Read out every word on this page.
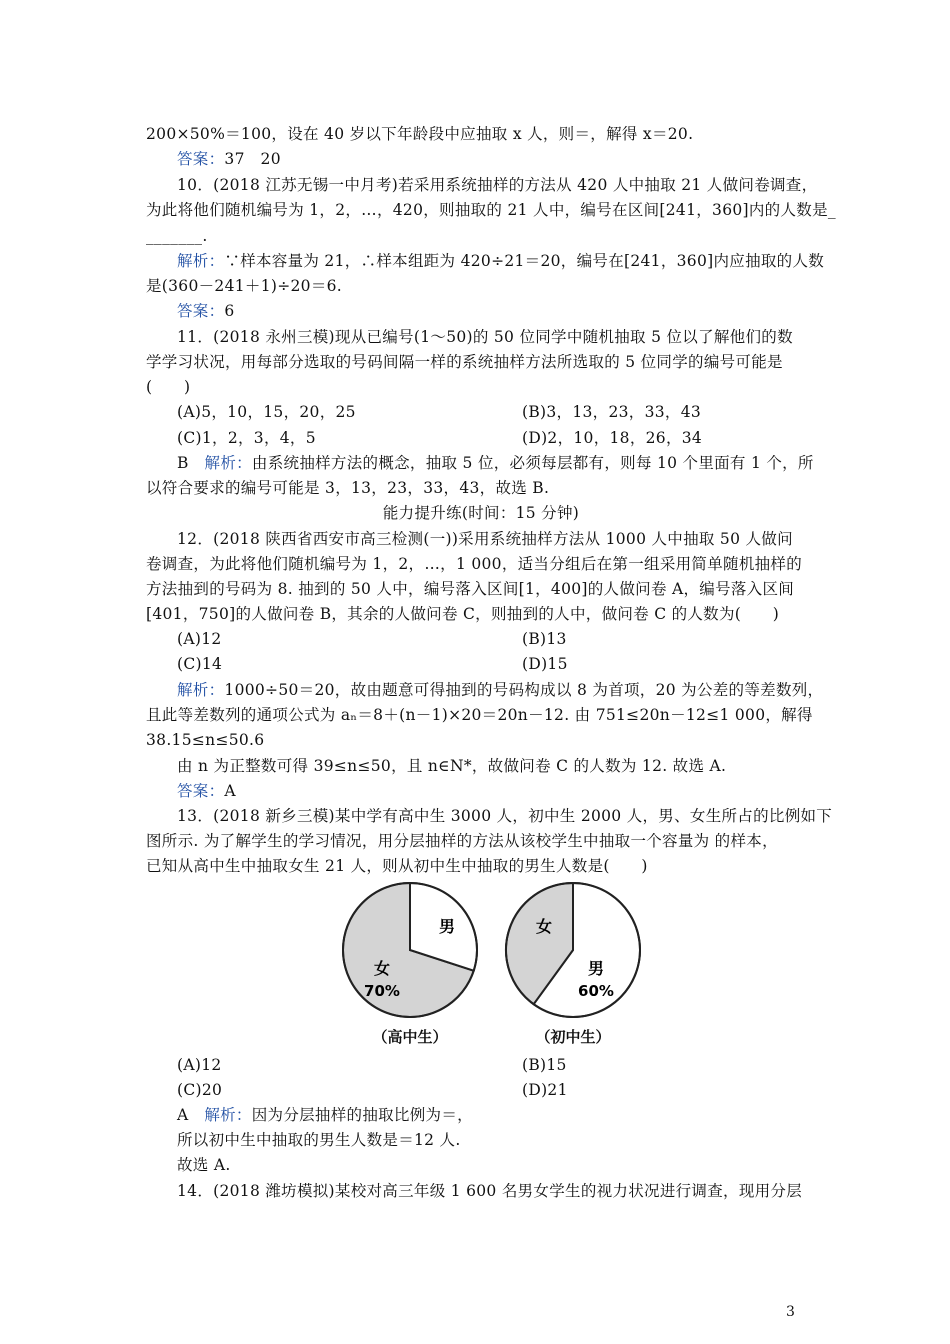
200×50%＝100，设在 40 岁以下年龄段中应抽取 x 人，则＝，解得 x＝20.
答案：37　20
10．(2018 江苏无锡一中月考)若采用系统抽样的方法从 420 人中抽取 21 人做问卷调查，
为此将他们随机编号为 1，2，…，420，则抽取的 21 人中，编号在区间[241，360]内的人数是_
_______.
解析：∵样本容量为 21，∴样本组距为 420÷21＝20，编号在[241，360]内应抽取的人数
是(360－241＋1)÷20＝6.
答案：6
11．(2018 永州三模)现从已编号(1～50)的 50 位同学中随机抽取 5 位以了解他们的数
学学习状况，用每部分选取的号码间隔一样的系统抽样方法所选取的 5 位同学的编号可能是
(　　)
(A)5，10，15，20，25	(B)3，13，23，33，43
(C)1，2，3，4，5	(D)2，10，18，26，34
B　 解析：由系统抽样方法的概念，抽取 5 位，必须每层都有，则每 10 个里面有 1 个，所
以符合要求的编号可能是 3，13，23，33，43，故选 B.
能力提升练(时间：15 分钟)
12．(2018 陕西省西安市高三检测(一))采用系统抽样方法从 1000 人中抽取 50 人做问
卷调查，为此将他们随机编号为 1，2，…，1 000，适当分组后在第一组采用简单随机抽样的
方法抽到的号码为 8. 抽到的 50 人中，编号落入区间[1，400]的人做问卷 A，编号落入区间
[401，750]的人做问卷 B，其余的人做问卷 C，则抽到的人中，做问卷 C 的人数为(　　)
(A)12	(B)13
(C)14	(D)15
解析：1000÷50＝20，故由题意可得抽到的号码构成以 8 为首项，20 为公差的等差数列，
且此等差数列的通项公式为 aₙ＝8＋(n－1)×20＝20n－12. 由 751≤20n－12≤1 000，解得
38.15≤n≤50.6
由 n 为正整数可得 39≤n≤50，且 n∈N*，故做问卷 C 的人数为 12. 故选 A.
答案：A
13．(2018 新乡三模)某中学有高中生 3000 人，初中生 2000 人，男、女生所占的比例如下
图所示. 为了解学生的学习情况，用分层抽样的方法从该校学生中抽取一个容量为 的样本，
已知从高中生中抽取女生 21 人，则从初中生中抽取的男生人数是(　　)
男
女
70%
（高中生）
女
男
60%
（初中生）
(A)12	(B)15
(C)20	(D)21
A　 解析：因为分层抽样的抽取比例为＝，
所以初中生中抽取的男生人数是＝12 人.
故选 A.
14．(2018 潍坊模拟)某校对高三年级 1 600 名男女学生的视力状况进行调查，现用分层
3
